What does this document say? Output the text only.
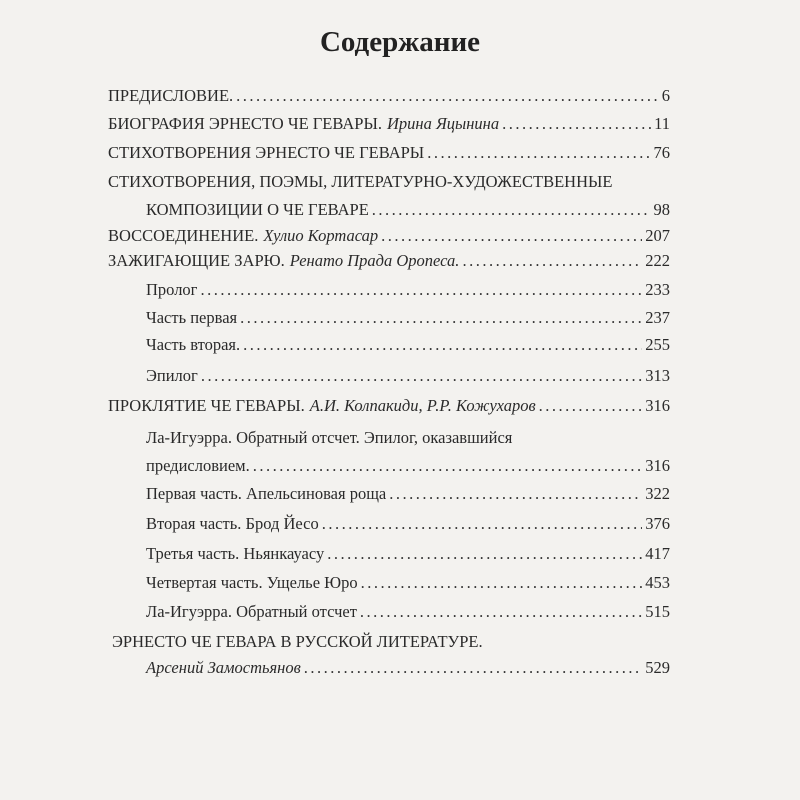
Содержание
ПРЕДИСЛОВИЕ. .....	6
БИОГРАФИЯ ЭРНЕСТО ЧЕ ГЕВАРЫ. Ирина Яцынина .....	11
СТИХОТВОРЕНИЯ ЭРНЕСТО ЧЕ ГЕВАРЫ .....	76
СТИХОТВОРЕНИЯ, ПОЭМЫ, ЛИТЕРАТУРНО-ХУДОЖЕСТВЕННЫЕ
КОМПОЗИЦИИ О ЧЕ ГЕВАРЕ .....	98
ВОССОЕДИНЕНИЕ. Хулио Кортасар .....	207
ЗАЖИГАЮЩИЕ ЗАРЮ. Ренато Прада Оропеса. .....	222
Пролог .....	233
Часть первая .....	237
Часть вторая. .....	255
Эпилог .....	313
ПРОКЛЯТИЕ ЧЕ ГЕВАРЫ. А.И. Колпакиди, Р.Р. Кожухаров .....	316
Ла-Игуэрра. Обратный отсчет. Эпилог, оказавшийся
предисловием. .....	316
Первая часть. Апельсиновая роща .....	322
Вторая часть. Брод Йесо .....	376
Третья часть. Ньянкауасу .....	417
Четвертая часть. Ущелье Юро .....	453
Ла-Игуэрра. Обратный отсчет .....	515
ЭРНЕСТО ЧЕ ГЕВАРА В РУССКОЙ ЛИТЕРАТУРЕ.
Арсений Замостьянов .....	529
